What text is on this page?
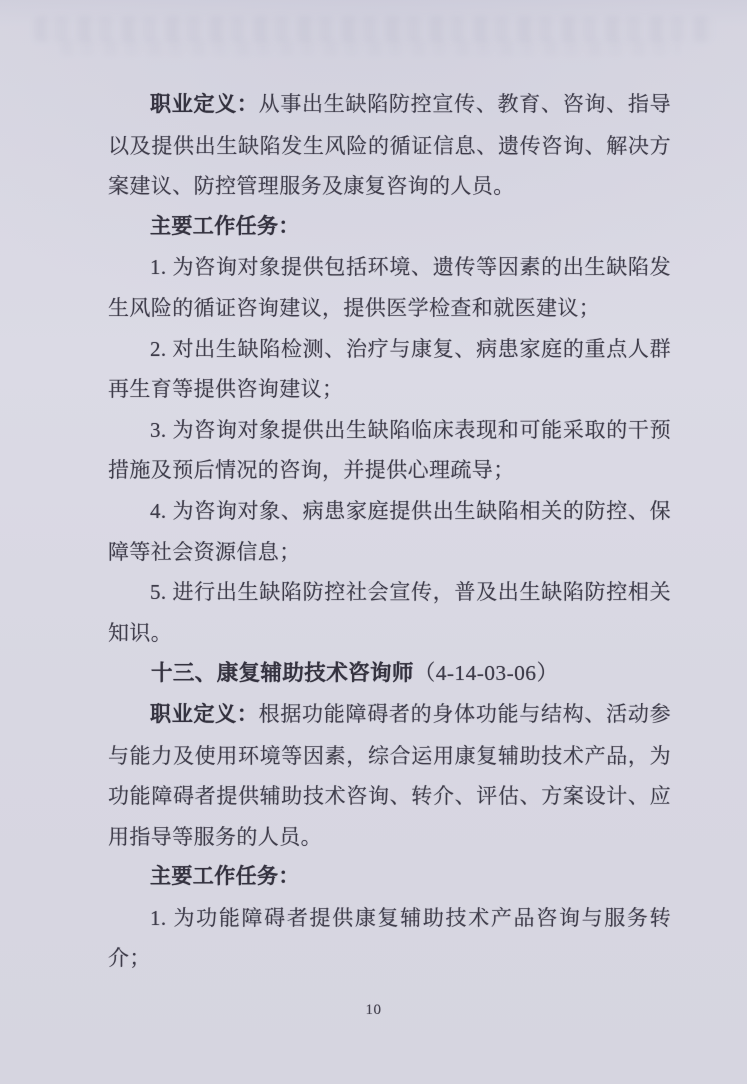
职业定义：从事出生缺陷防控宣传、教育、咨询、指导以及提供出生缺陷发生风险的循证信息、遗传咨询、解决方案建议、防控管理服务及康复咨询的人员。

主要工作任务：

1. 为咨询对象提供包括环境、遗传等因素的出生缺陷发生风险的循证咨询建议，提供医学检查和就医建议；

2. 对出生缺陷检测、治疗与康复、病患家庭的重点人群再生育等提供咨询建议；

3. 为咨询对象提供出生缺陷临床表现和可能采取的干预措施及预后情况的咨询，并提供心理疏导；

4. 为咨询对象、病患家庭提供出生缺陷相关的防控、保障等社会资源信息；

5. 进行出生缺陷防控社会宣传，普及出生缺陷防控相关知识。

十三、康复辅助技术咨询师（4-14-03-06）

职业定义：根据功能障碍者的身体功能与结构、活动参与能力及使用环境等因素，综合运用康复辅助技术产品，为功能障碍者提供辅助技术咨询、转介、评估、方案设计、应用指导等服务的人员。

主要工作任务：

1. 为功能障碍者提供康复辅助技术产品咨询与服务转介；

10
